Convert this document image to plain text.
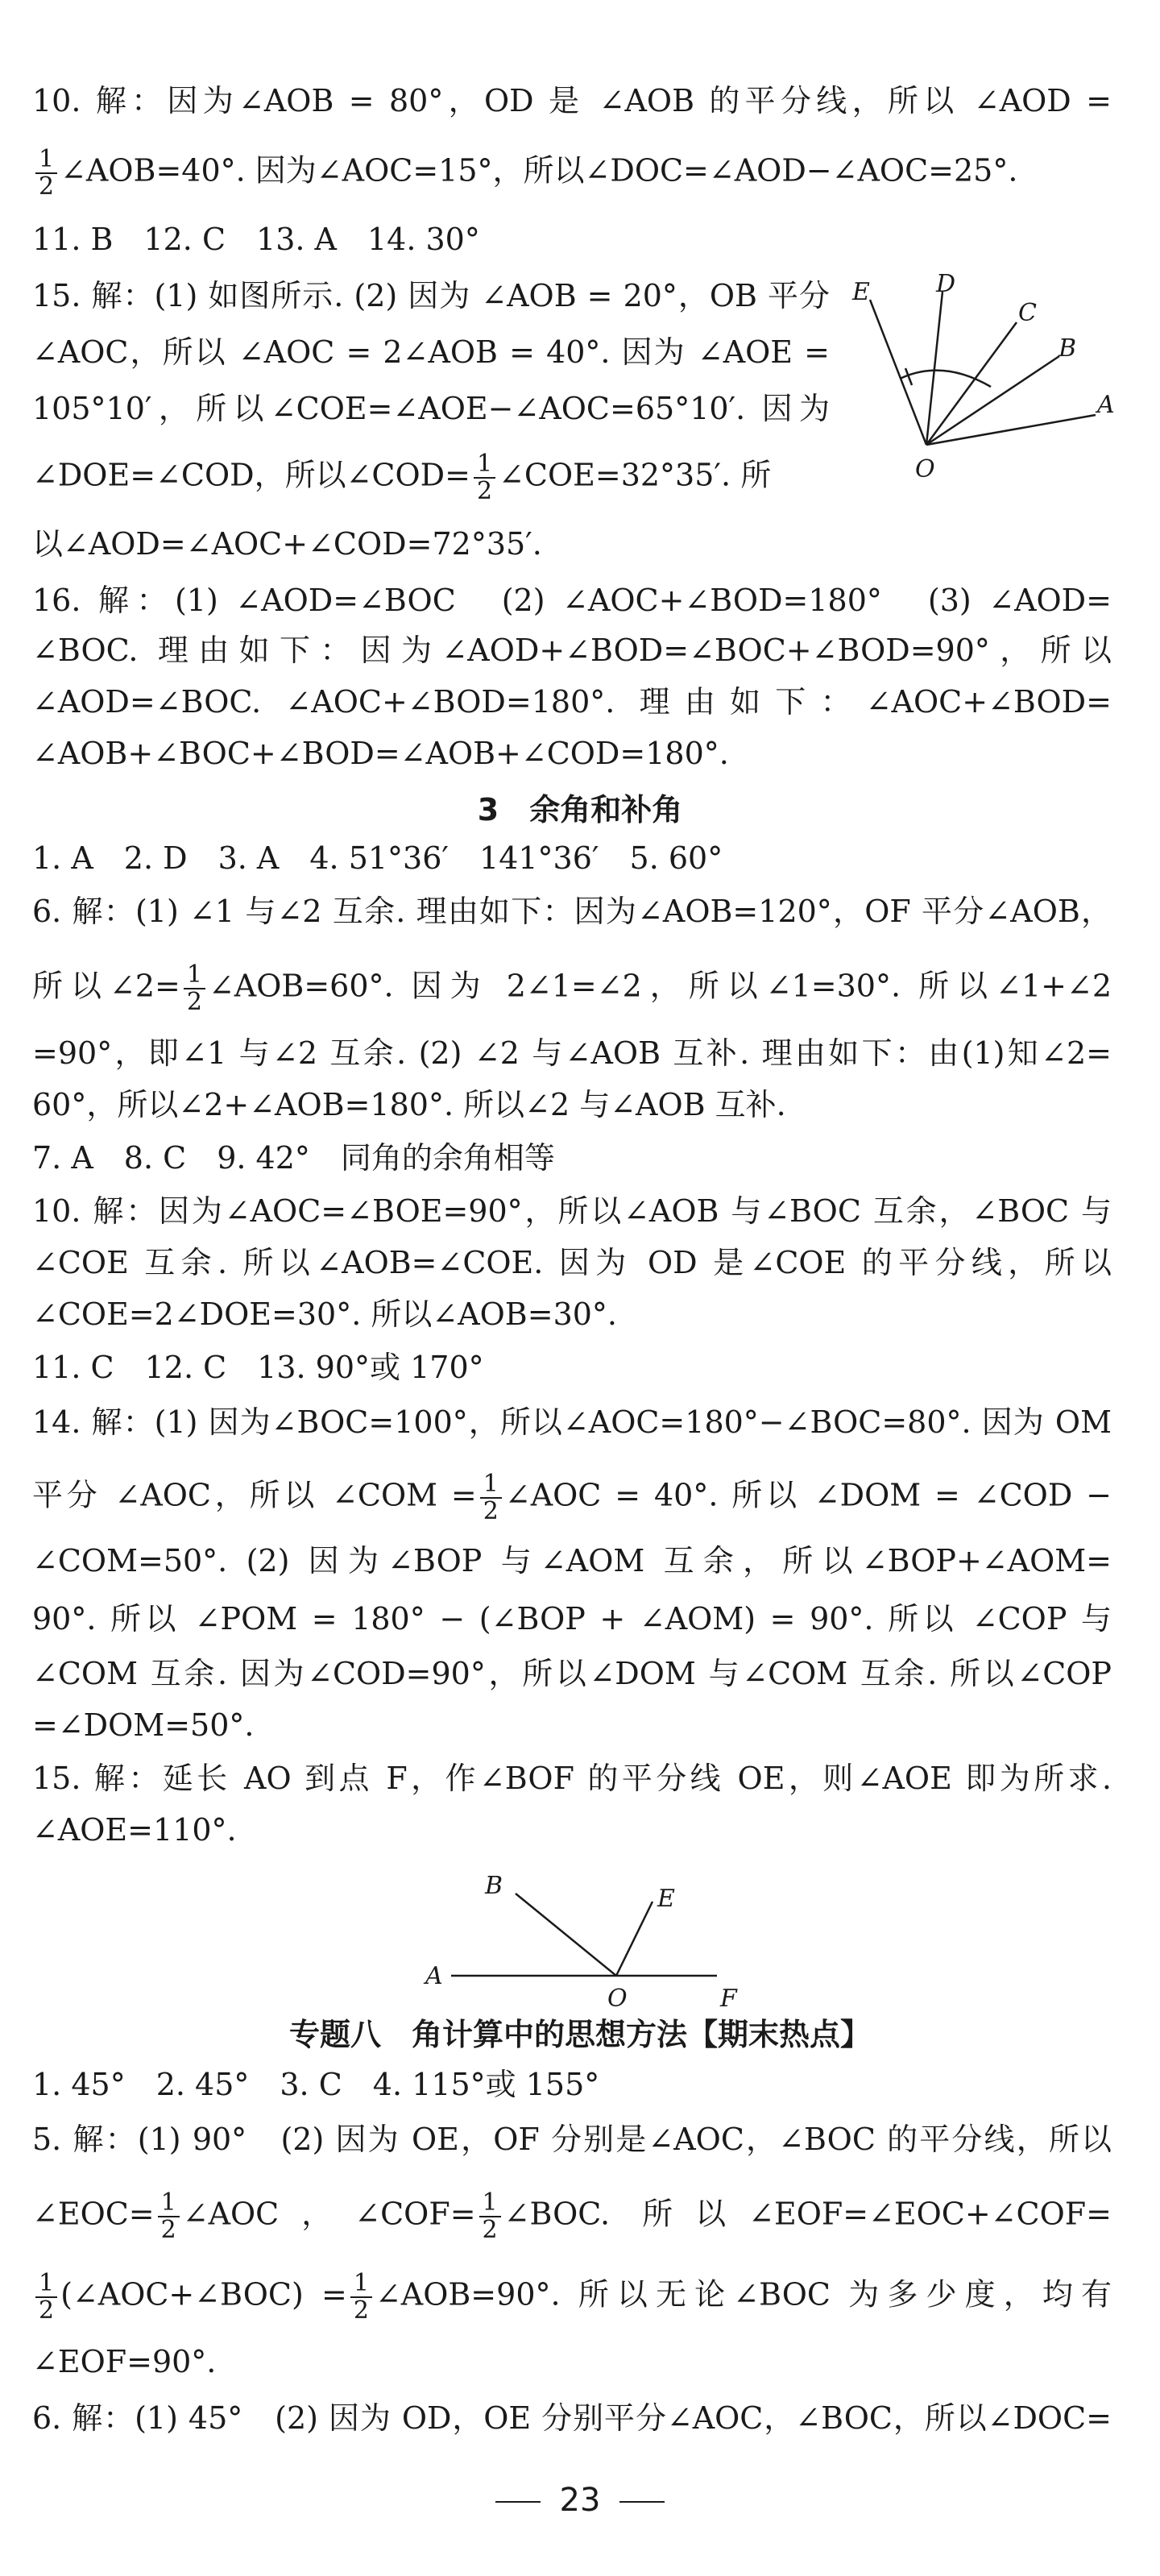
10. 解：因为∠AOB = 80°，OD 是 ∠AOB 的平分线，所以 ∠AOD =
$\frac{1}{2}$ ∠AOB=40°. 因为∠AOC=15°，所以∠DOC=∠AOD−∠AOC=25°.
11. B　12. C　13. A　14. 30°
15. 解：(1) 如图所示. (2) 因为 ∠AOB = 20°，OB 平分
∠AOC，所以 ∠AOC = 2∠AOB = 40°. 因为 ∠AOE =
105°10′，所以∠COE=∠AOE−∠AOC=65°10′. 因为
∠DOE=∠COD，所以∠COD= $\frac{1}{2}$ ∠COE=32°35′. 所
以∠AOD=∠AOC+∠COD=72°35′.
16. 解：(1) ∠AOD=∠BOC　(2) ∠AOC+∠BOD=180°　(3) ∠AOD=
∠BOC. 理由如下：因为∠AOD+∠BOD=∠BOC+∠BOD=90°，所以
∠AOD=∠BOC. ∠AOC+∠BOD=180°. 理由如下：∠AOC+∠BOD=
∠AOB+∠BOC+∠BOD=∠AOB+∠COD=180°.
E	D
C
B
A
O
3　余角和补角
1. A　2. D　3. A　4. 51°36′　141°36′　5. 60°
6. 解：(1) ∠1 与∠2 互余. 理由如下：因为∠AOB=120°，OF 平分∠AOB，
所以∠2= $\frac{1}{2}$ ∠AOB=60°. 因为 2∠1=∠2，所以∠1=30°. 所以∠1+∠2
=90°，即∠1 与∠2 互余. (2) ∠2 与∠AOB 互补. 理由如下：由(1)知∠2=
60°，所以∠2+∠AOB=180°. 所以∠2 与∠AOB 互补.
7. A　8. C　9. 42°　同角的余角相等
10. 解：因为∠AOC=∠BOE=90°，所以∠AOB 与∠BOC 互余，∠BOC 与
∠COE 互余. 所以∠AOB=∠COE. 因为 OD 是∠COE 的平分线，所以
∠COE=2∠DOE=30°. 所以∠AOB=30°.
11. C　12. C　13. 90°或 170°
14. 解：(1) 因为∠BOC=100°，所以∠AOC=180°−∠BOC=80°. 因为 OM
平分 ∠AOC，所以 ∠COM = $\frac{1}{2}$ ∠AOC = 40°. 所以 ∠DOM = ∠COD −
∠COM=50°. (2) 因为∠BOP 与∠AOM 互余，所以∠BOP+∠AOM=
90°. 所以 ∠POM = 180° − (∠BOP + ∠AOM) = 90°. 所以 ∠COP 与
∠COM 互余. 因为∠COD=90°，所以∠DOM 与∠COM 互余. 所以∠COP
=∠DOM=50°.
15. 解：延长 AO 到点 F，作∠BOF 的平分线 OE，则∠AOE 即为所求.
∠AOE=110°.
B	E
A
O	F
专题八　角计算中的思想方法【期末热点】
1. 45°　2. 45°　3. C　4. 115°或 155°
5. 解：(1) 90°　(2) 因为 OE，OF 分别是∠AOC，∠BOC 的平分线，所以
∠EOC= $\frac{1}{2}$ ∠AOC，∠COF= $\frac{1}{2}$ ∠BOC. 所以∠EOF=∠EOC+∠COF=
$\frac{1}{2}$ (∠AOC+∠BOC) = $\frac{1}{2}$ ∠AOB=90°. 所以无论∠BOC 为多少度，均有
∠EOF=90°.
6. 解：(1) 45°　(2) 因为 OD，OE 分别平分∠AOC，∠BOC，所以∠DOC=
23
